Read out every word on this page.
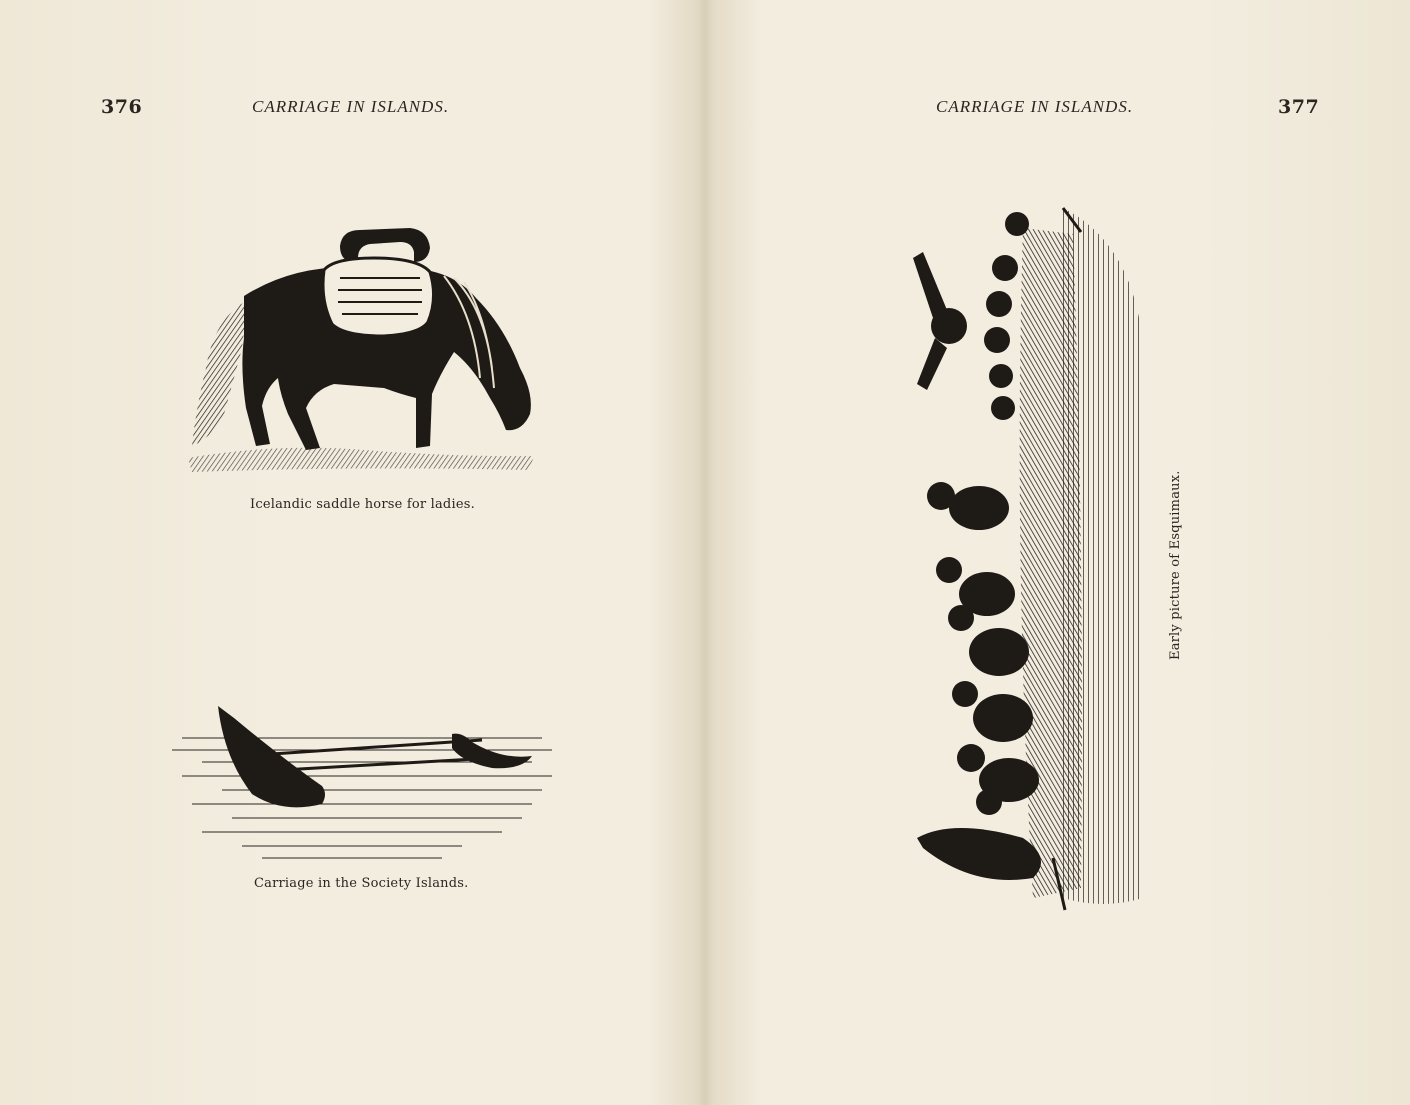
376	CARRIAGE IN ISLANDS.
Icelandic saddle horse for ladies.
Carriage in the Society Islands.
CARRIAGE IN ISLANDS.	377
Early picture of Esquimaux.
